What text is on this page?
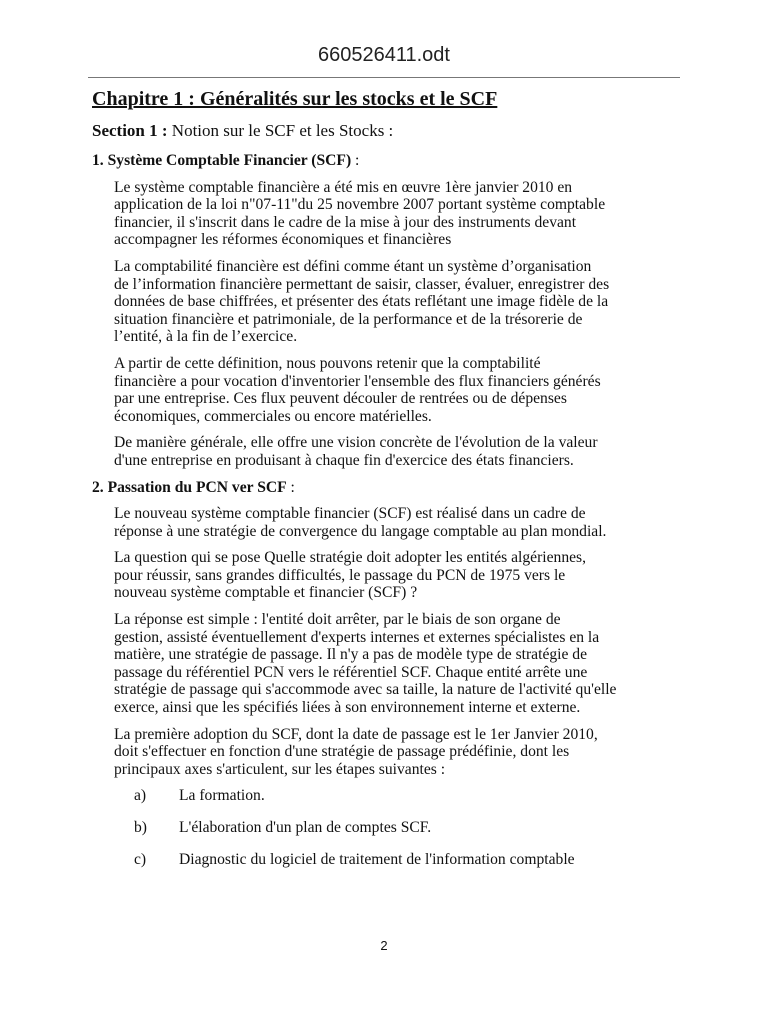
660526411.odt
Chapitre 1 : Généralités sur les stocks et le SCF
Section 1 : Notion sur le SCF et les Stocks :
1. Système Comptable Financier (SCF) :
Le système comptable financière a été mis en œuvre 1ère janvier 2010 en
application de la loi n"07-11"du 25 novembre 2007 portant système comptable
financier, il s'inscrit dans le cadre de la mise à jour des instruments devant
accompagner les réformes économiques et financières
La comptabilité financière est défini comme étant un système d’organisation
de l’information financière permettant de saisir, classer, évaluer, enregistrer des
données de base chiffrées, et présenter des états reflétant une image fidèle de la
situation financière et patrimoniale, de la performance et de la trésorerie de
l’entité, à la fin de l’exercice.
A partir de cette définition, nous pouvons retenir que la comptabilité
financière a pour vocation d'inventorier l'ensemble des flux financiers générés
par une entreprise. Ces flux peuvent découler de rentrées ou de dépenses
économiques, commerciales ou encore matérielles.
De manière générale, elle offre une vision concrète de l'évolution de la valeur
d'une entreprise en produisant à chaque fin d'exercice des états financiers.
2. Passation du PCN ver SCF :
Le nouveau système comptable financier (SCF) est réalisé dans un cadre de
réponse à une stratégie de convergence du langage comptable au plan mondial.
La question qui se pose Quelle stratégie doit adopter les entités algériennes,
pour réussir, sans grandes difficultés, le passage du PCN de 1975 vers le
nouveau système comptable et financier (SCF) ?
La réponse est simple : l'entité doit arrêter, par le biais de son organe de
gestion, assisté éventuellement d'experts internes et externes spécialistes en la
matière, une stratégie de passage. Il n'y a pas de modèle type de stratégie de
passage du référentiel PCN vers le référentiel SCF. Chaque entité arrête une
stratégie de passage qui s'accommode avec sa taille, la nature de l'activité qu'elle
exerce, ainsi que les spécifiés liées à son environnement interne et externe.
La première adoption du SCF, dont la date de passage est le 1er Janvier 2010,
doit s'effectuer en fonction d'une stratégie de passage prédéfinie, dont les
principaux axes s'articulent, sur les étapes suivantes :
a)	La formation.
b)	L'élaboration d'un plan de comptes SCF.
c)	Diagnostic du logiciel de traitement de l'information comptable
2
